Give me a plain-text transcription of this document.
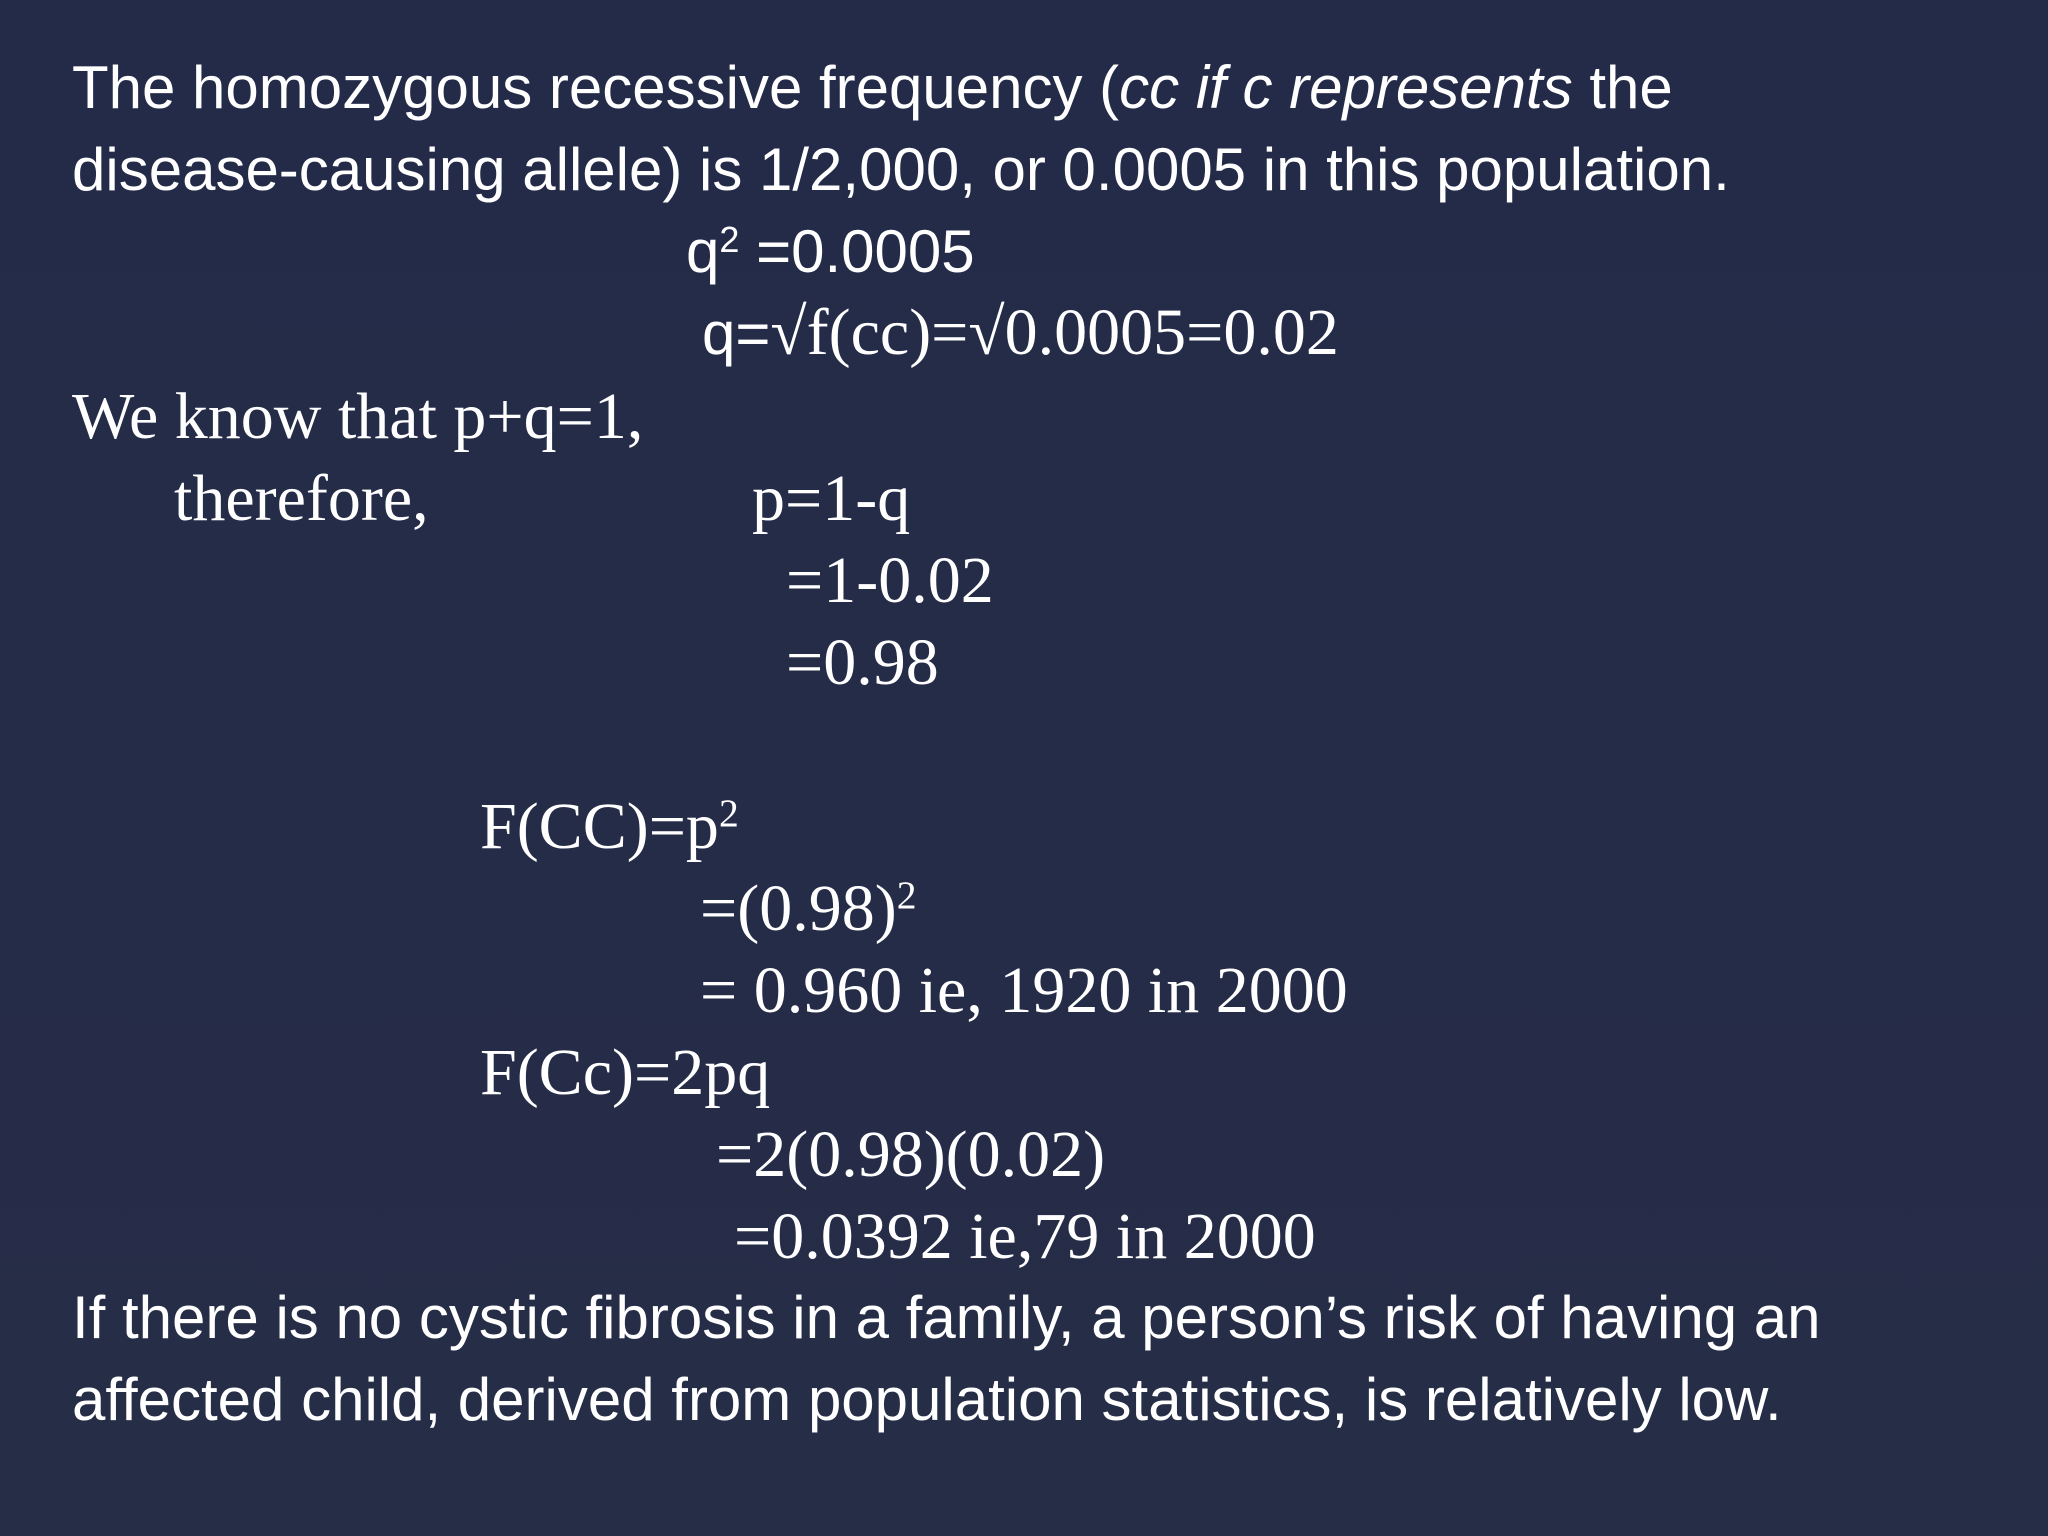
The homozygous recessive frequency (cc if c represents the
disease-causing allele) is 1/2,000, or 0.0005 in this population.
$q^2 =0.0005$
q=√f(cc)=√0.0005=0.02
We know that p+q=1,
therefore,	p=1-q
=1-0.02
=0.98
$F(CC)=p^2$
$=(0.98)^2$
= 0.960 ie, 1920 in 2000
F(Cc)=2pq
=2(0.98)(0.02)
=0.0392 ie,79 in 2000
If there is no cystic fibrosis in a family, a person’s risk of having an
affected child, derived from population statistics, is relatively low.
